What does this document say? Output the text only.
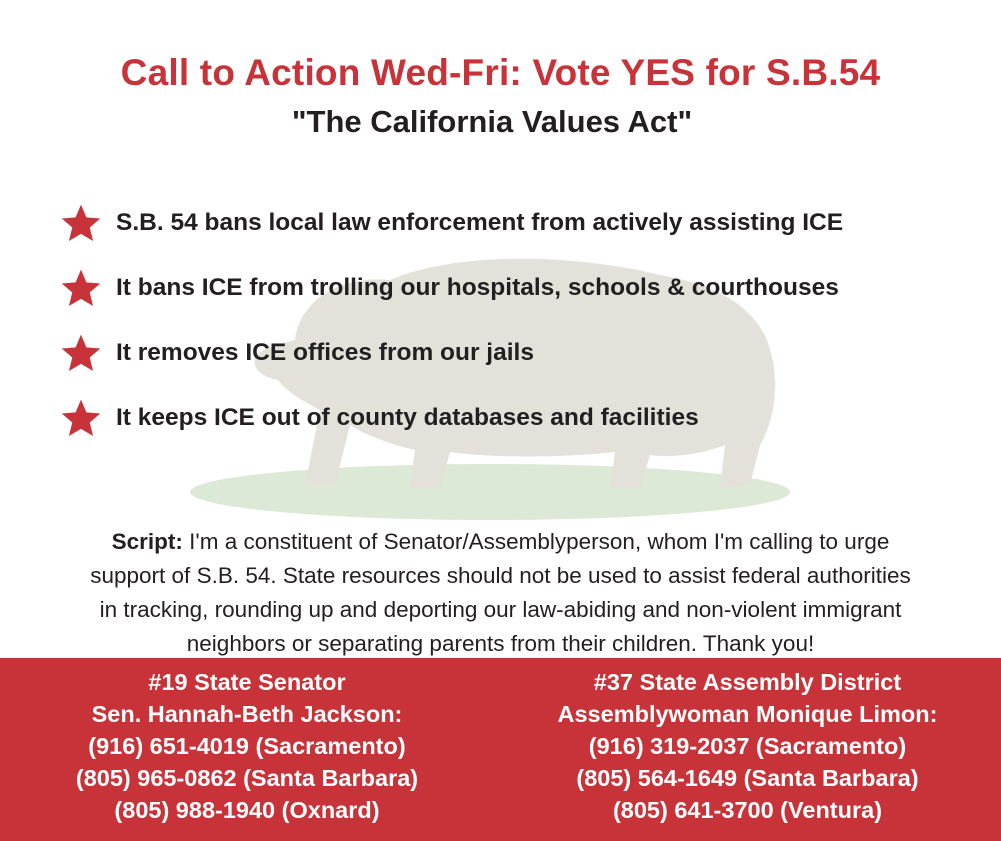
Call to Action Wed-Fri: Vote YES for S.B.54
"The California Values Act"
S.B. 54 bans local law enforcement from actively assisting ICE
It bans ICE from trolling our hospitals, schools & courthouses
It removes ICE offices from our jails
It keeps ICE out of county databases and facilities
Script: I'm a constituent of Senator/Assemblyperson, whom I'm calling to urge
support of S.B. 54. State resources should not be used to assist federal authorities
in tracking, rounding up and deporting our law-abiding and non-violent immigrant
neighbors or separating parents from their children. Thank you!
#19 State Senator
Sen. Hannah-Beth Jackson:
(916) 651-4019 (Sacramento)
(805) 965-0862 (Santa Barbara)
(805) 988-1940 (Oxnard)
#37 State Assembly District
Assemblywoman Monique Limon:
(916) 319-2037 (Sacramento)
(805) 564-1649 (Santa Barbara)
(805) 641-3700 (Ventura)
